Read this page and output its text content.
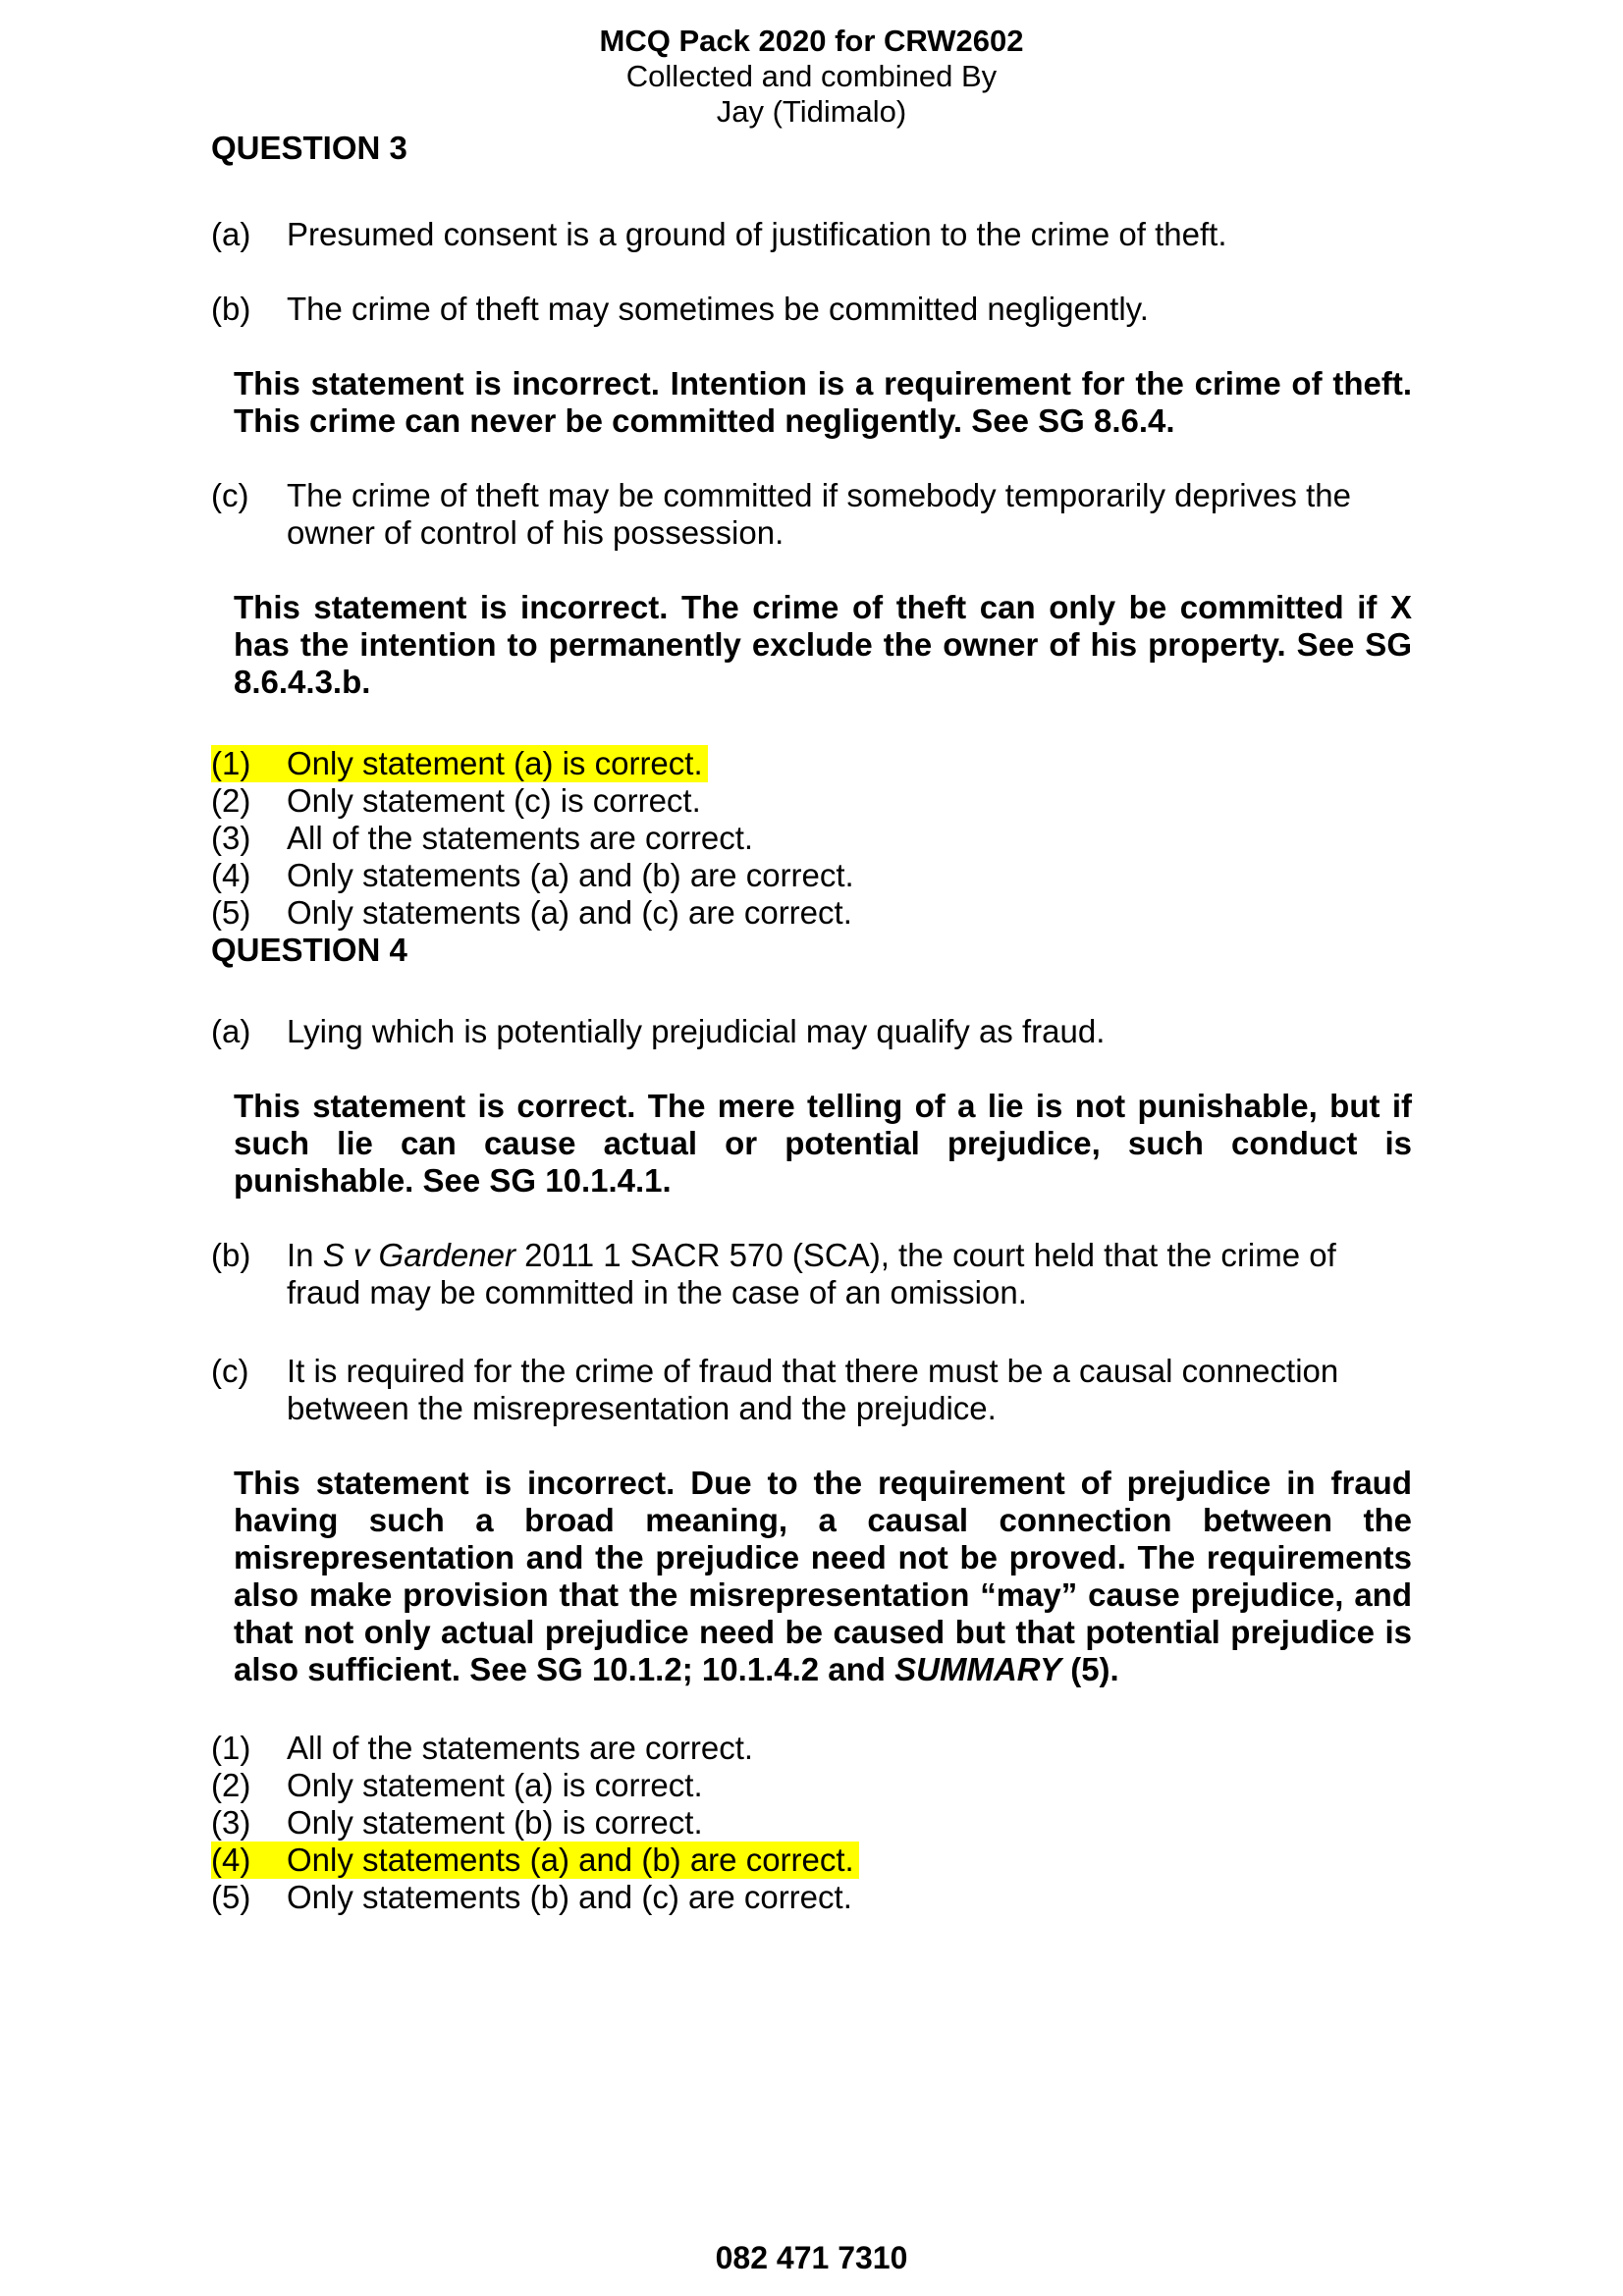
MCQ Pack 2020 for CRW2602
Collected and combined By
Jay (Tidimalo)
QUESTION 3
(a)	Presumed consent is a ground of justification to the crime of theft.
(b)	The crime of theft may sometimes be committed negligently.
This statement is incorrect. Intention is a requirement for the crime of theft. This crime can never be committed negligently. See SG 8.6.4.
(c)	The crime of theft may be committed if somebody temporarily deprives the owner of control of his possession.
This statement is incorrect. The crime of theft can only be committed if X has the intention to permanently exclude the owner of his property. See SG 8.6.4.3.b.
(1)	Only statement (a) is correct.
(2)	Only statement (c) is correct.
(3)	All of the statements are correct.
(4)	Only statements (a) and (b) are correct.
(5)	Only statements (a) and (c) are correct.
QUESTION 4
(a)	Lying which is potentially prejudicial may qualify as fraud.
This statement is correct. The mere telling of a lie is not punishable, but if such lie can cause actual or potential prejudice, such conduct is punishable. See SG 10.1.4.1.
(b)	In S v Gardener 2011 1 SACR 570 (SCA), the court held that the crime of fraud may be committed in the case of an omission.
(c)	It is required for the crime of fraud that there must be a causal connection between the misrepresentation and the prejudice.
This statement is incorrect. Due to the requirement of prejudice in fraud having such a broad meaning, a causal connection between the misrepresentation and the prejudice need not be proved. The requirements also make provision that the misrepresentation “may” cause prejudice, and that not only actual prejudice need be caused but that potential prejudice is also sufficient. See SG 10.1.2; 10.1.4.2 and SUMMARY (5).
(1)	All of the statements are correct.
(2)	Only statement (a) is correct.
(3)	Only statement (b) is correct.
(4)	Only statements (a) and (b) are correct.
(5)	Only statements (b) and (c) are correct.
082 471 7310
